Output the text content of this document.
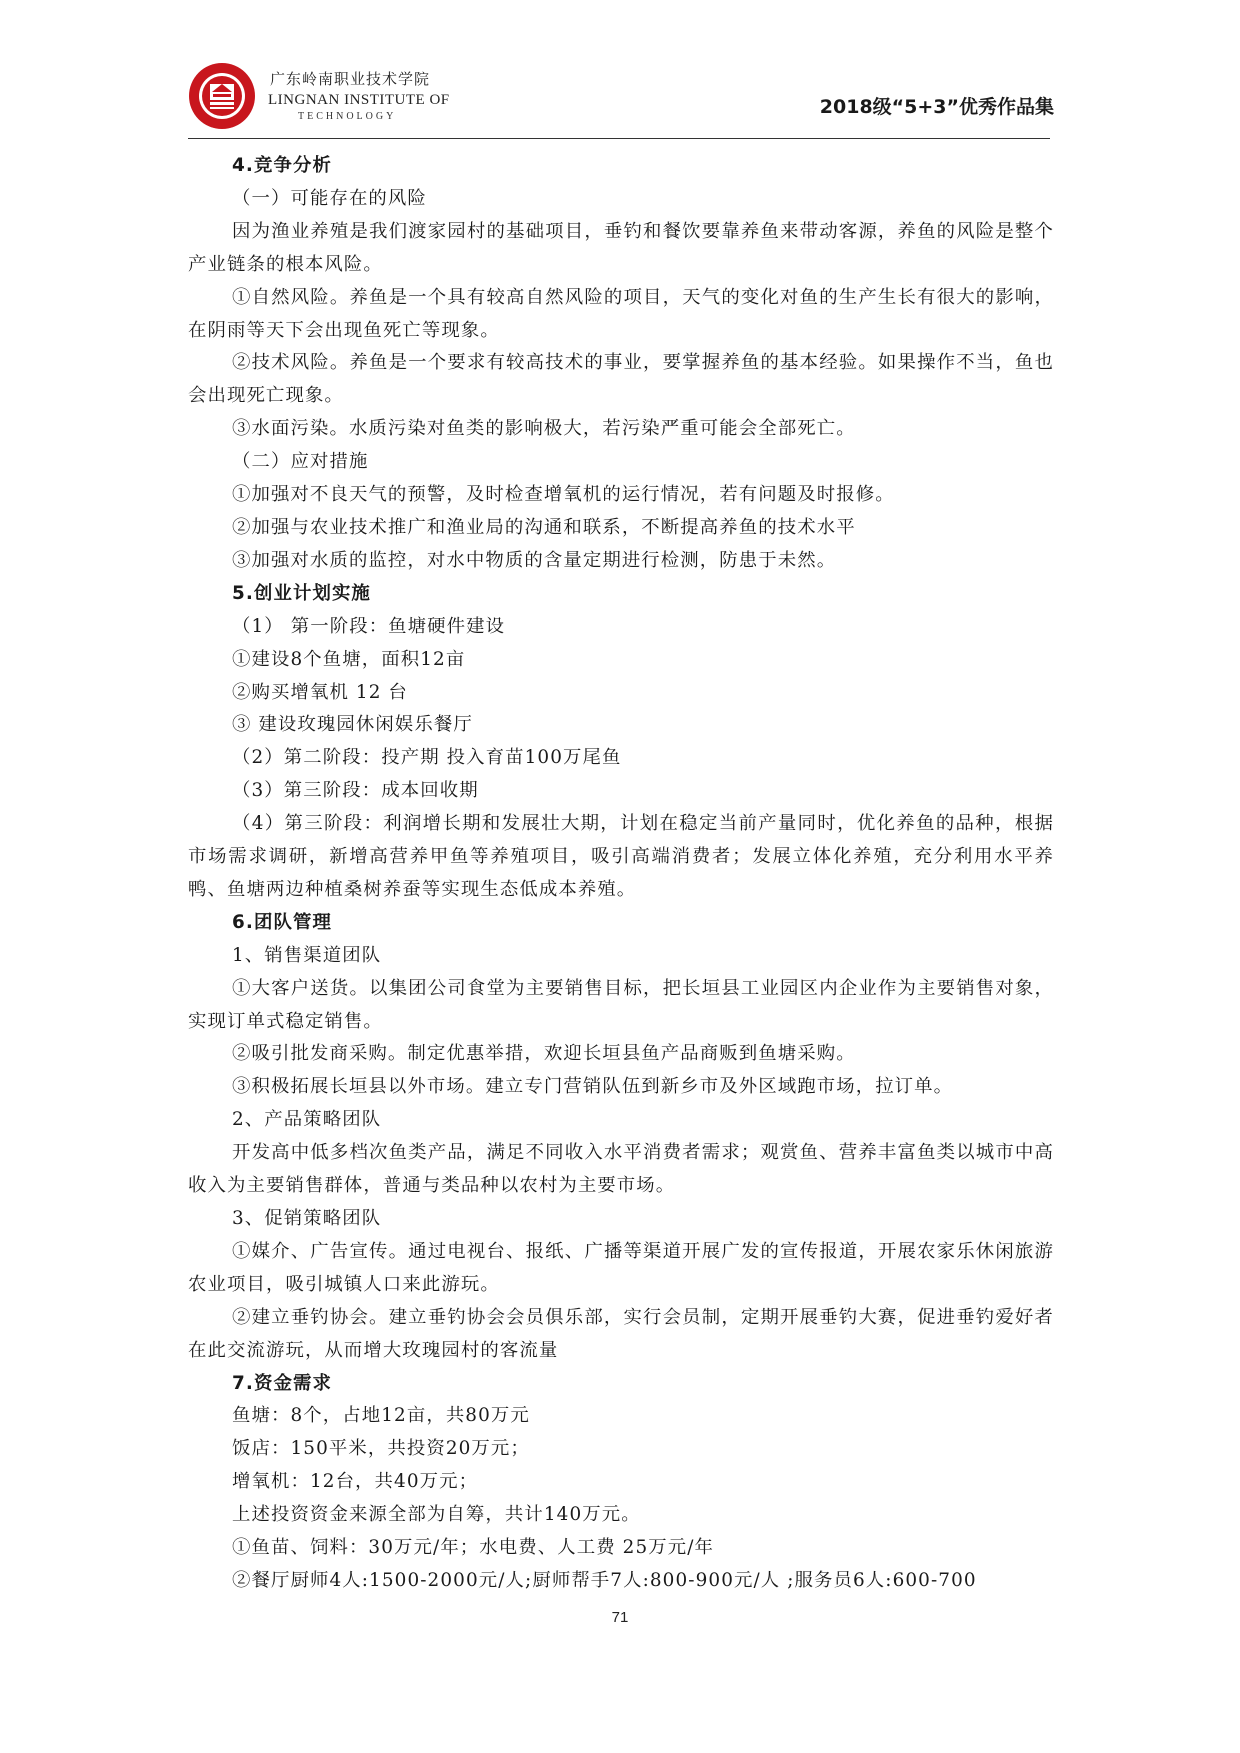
广东岭南职业技术学院
LINGNAN INSTITUTE OF
TECHNOLOGY	2018级“5+3”优秀作品集

4.竞争分析

（一）可能存在的风险

因为渔业养殖是我们渡家园村的基础项目，垂钓和餐饮要靠养鱼来带动客源，养鱼的风险是整个产业链条的根本风险。

①自然风险。养鱼是一个具有较高自然风险的项目，天气的变化对鱼的生产生长有很大的影响，在阴雨等天下会出现鱼死亡等现象。

②技术风险。养鱼是一个要求有较高技术的事业，要掌握养鱼的基本经验。如果操作不当，鱼也会出现死亡现象。

③水面污染。水质污染对鱼类的影响极大，若污染严重可能会全部死亡。

（二）应对措施

①加强对不良天气的预警，及时检查增氧机的运行情况，若有问题及时报修。

②加强与农业技术推广和渔业局的沟通和联系，不断提高养鱼的技术水平

③加强对水质的监控，对水中物质的含量定期进行检测，防患于未然。

5.创业计划实施

（1） 第一阶段：鱼塘硬件建设

①建设8个鱼塘，面积12亩

②购买增氧机 12 台

③ 建设玫瑰园休闲娱乐餐厅

（2）第二阶段：投产期 投入育苗100万尾鱼

（3）第三阶段：成本回收期

（4）第三阶段：利润增长期和发展壮大期，计划在稳定当前产量同时，优化养鱼的品种，根据市场需求调研，新增高营养甲鱼等养殖项目，吸引高端消费者；发展立体化养殖，充分利用水平养鸭、鱼塘两边种植桑树养蚕等实现生态低成本养殖。

6.团队管理

1、销售渠道团队

①大客户送货。以集团公司食堂为主要销售目标，把长垣县工业园区内企业作为主要销售对象，实现订单式稳定销售。

②吸引批发商采购。制定优惠举措，欢迎长垣县鱼产品商贩到鱼塘采购。

③积极拓展长垣县以外市场。建立专门营销队伍到新乡市及外区域跑市场，拉订单。

2、产品策略团队

开发高中低多档次鱼类产品，满足不同收入水平消费者需求；观赏鱼、营养丰富鱼类以城市中高收入为主要销售群体，普通与类品种以农村为主要市场。

3、促销策略团队

①媒介、广告宣传。通过电视台、报纸、广播等渠道开展广发的宣传报道，开展农家乐休闲旅游农业项目，吸引城镇人口来此游玩。

②建立垂钓协会。建立垂钓协会会员俱乐部，实行会员制，定期开展垂钓大赛，促进垂钓爱好者在此交流游玩，从而增大玫瑰园村的客流量

7.资金需求

鱼塘：8个，占地12亩，共80万元

饭店：150平米，共投资20万元；

增氧机：12台，共40万元；

上述投资资金来源全部为自筹，共计140万元。

①鱼苗、饲料：30万元/年；水电费、人工费 25万元/年

②餐厅厨师4人:1500-2000元/人;厨师帮手7人:800-900元/人 ;服务员6人:600-700

71
